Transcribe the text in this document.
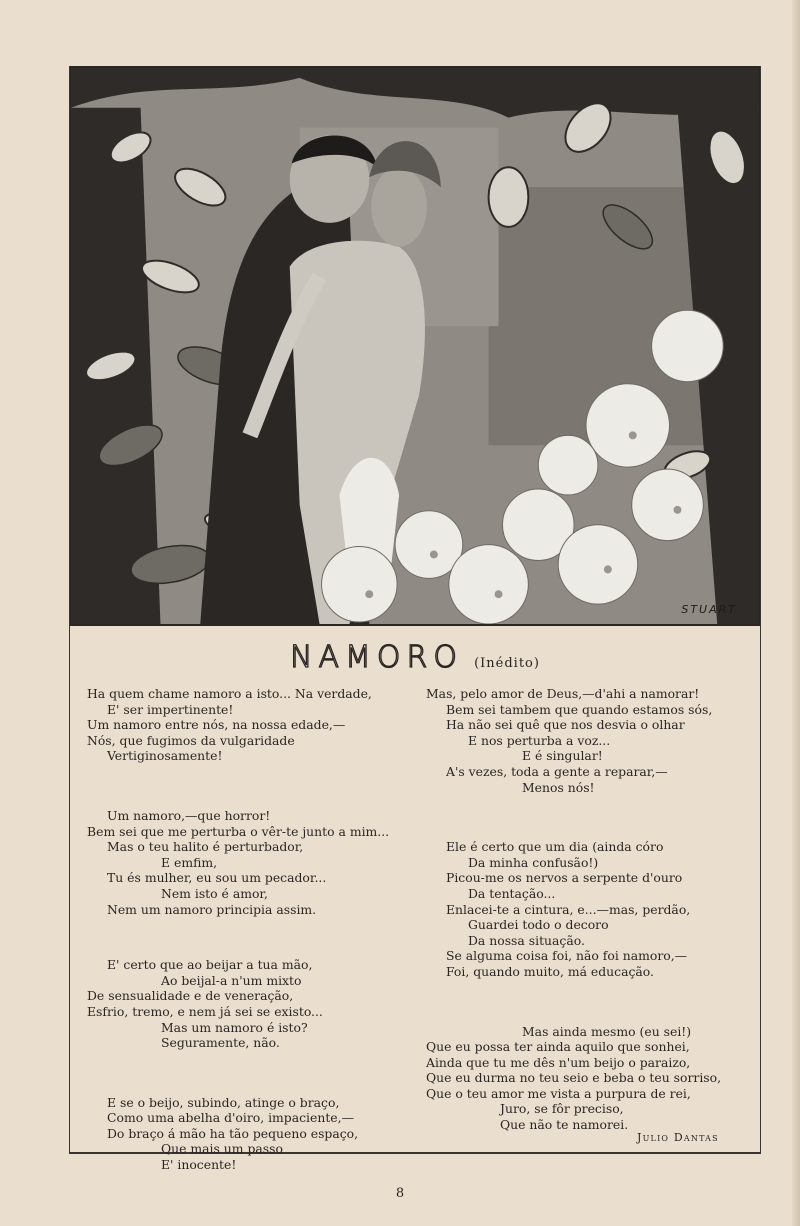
STUART
NAMORO (Inédito)
Ha quem chame namoro a isto... Na verdade,
E' ser impertinente!
Um namoro entre nós, na nossa edade,—
Nós, que fugimos da vulgaridade
Vertiginosamente!
Um namoro,—que horror!
Bem sei que me perturba o vêr-te junto a mim...
Mas o teu halito é perturbador,
E emfim,
Tu és mulher, eu sou um pecador...
Nem isto é amor,
Nem um namoro principia assim.
E' certo que ao beijar a tua mão,
Ao beijal-a n'um mixto
De sensualidade e de veneração,
Esfrio, tremo, e nem já sei se existo...
Mas um namoro é isto?
Seguramente, não.
E se o beijo, subindo, atinge o braço,
Como uma abelha d'oiro, impaciente,—
Do braço á mão ha tão pequeno espaço,
Que mais um passo
E' inocente!
Mas, pelo amor de Deus,—d'ahi a namorar!
Bem sei tambem que quando estamos sós,
Ha não sei quê que nos desvia o olhar
E nos perturba a voz...
E é singular!
A's vezes, toda a gente a reparar,—
Menos nós!
Ele é certo que um dia (ainda córo
Da minha confusão!)
Picou-me os nervos a serpente d'ouro
Da tentação...
Enlacei-te a cintura, e...—mas, perdão,
Guardei todo o decoro
Da nossa situação.
Se alguma coisa foi, não foi namoro,—
Foi, quando muito, má educação.
Mas ainda mesmo (eu sei!)
Que eu possa ter ainda aquilo que sonhei,
Ainda que tu me dês n'um beijo o paraizo,
Que eu durma no teu seio e beba o teu sorriso,
Que o teu amor me vista a purpura de rei,
Juro, se fôr preciso,
Que não te namorei.
Julio Dantas
8
